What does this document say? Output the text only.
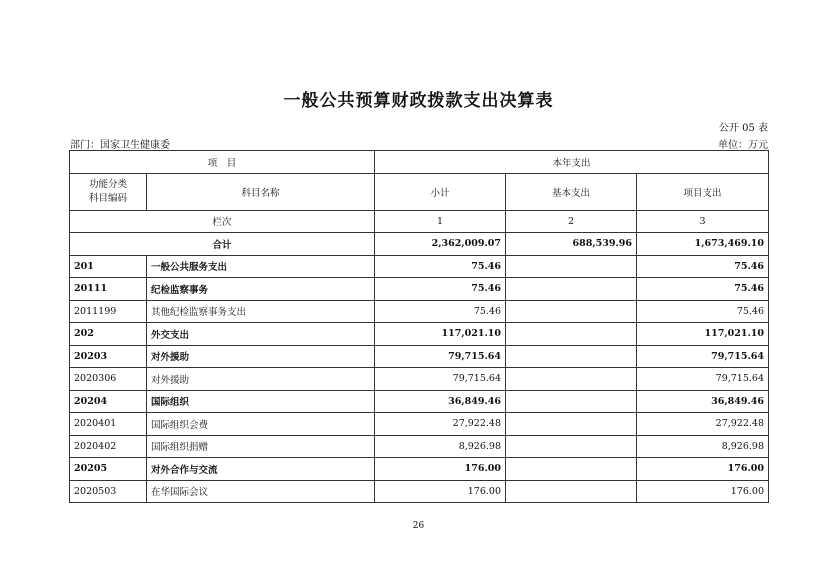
一般公共预算财政拨款支出决算表
公开 05 表
部门：国家卫生健康委	单位：万元
项　目		本年支出		
功能分类
科目编码	科目名称	小计	基本支出	项目支出
栏次		1	2	3
合计		2,362,009.07	688,539.96	1,673,469.10
201	一般公共服务支出	75.46		75.46
20111	纪检监察事务	75.46		75.46
2011199	其他纪检监察事务支出	75.46		75.46
202	外交支出	117,021.10		117,021.10
20203	对外援助	79,715.64		79,715.64
2020306	对外援助	79,715.64		79,715.64
20204	国际组织	36,849.46		36,849.46
2020401	国际组织会费	27,922.48		27,922.48
2020402	国际组织捐赠	8,926.98		8,926.98
20205	对外合作与交流	176.00		176.00
2020503	在华国际会议	176.00		176.00
26
